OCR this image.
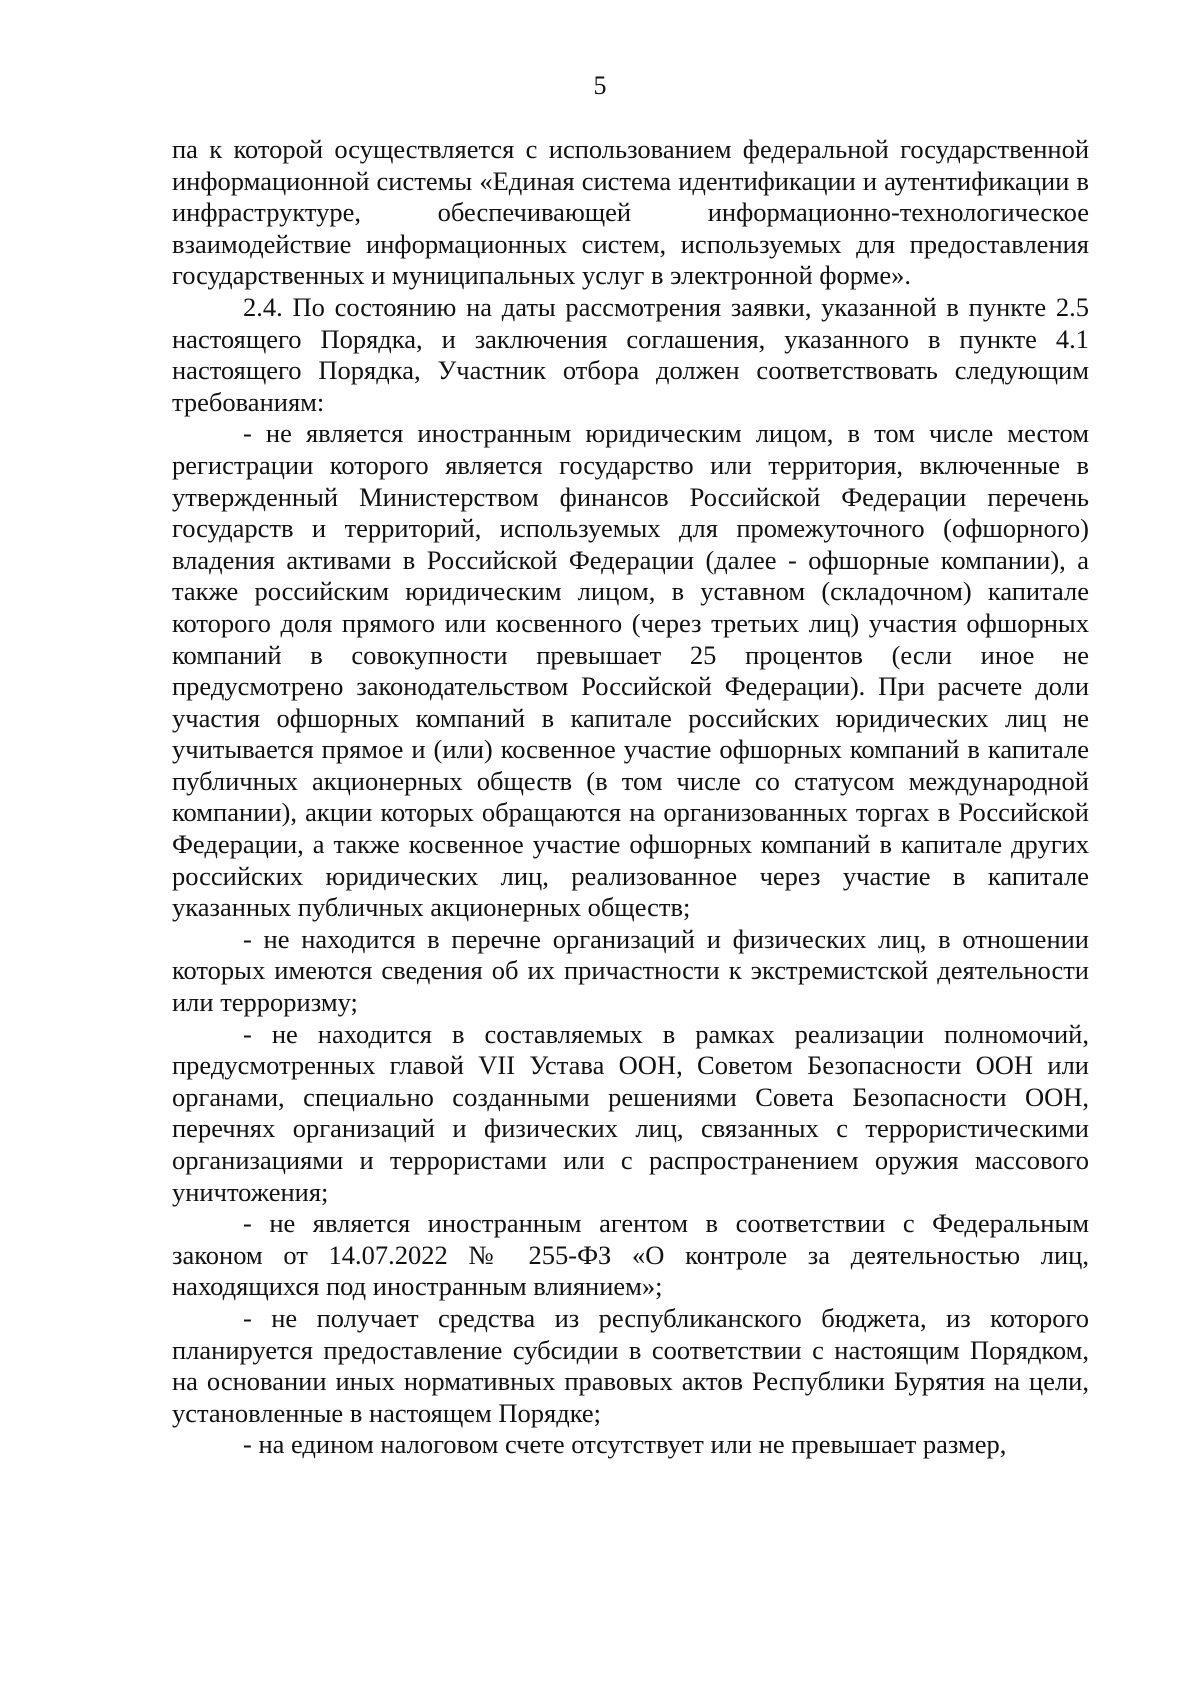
5

па к которой осуществляется с использованием федеральной государственной информационной системы «Единая система идентификации и аутентификации в инфраструктуре, обеспечивающей информационно-технологическое взаимодействие информационных систем, используемых для предоставления государственных и муниципальных услуг в электронной форме».

2.4. По состоянию на даты рассмотрения заявки, указанной в пункте 2.5 настоящего Порядка, и заключения соглашения, указанного в пункте 4.1 настоящего Порядка, Участник отбора должен соответствовать следующим требованиям:

- не является иностранным юридическим лицом, в том числе местом регистрации которого является государство или территория, включенные в утвержденный Министерством финансов Российской Федерации перечень государств и территорий, используемых для промежуточного (офшорного) владения активами в Российской Федерации (далее - офшорные компании), а также российским юридическим лицом, в уставном (складочном) капитале которого доля прямого или косвенного (через третьих лиц) участия офшорных компаний в совокупности превышает 25 процентов (если иное не предусмотрено законодательством Российской Федерации). При расчете доли участия офшорных компаний в капитале российских юридических лиц не учитывается прямое и (или) косвенное участие офшорных компаний в капитале публичных акционерных обществ (в том числе со статусом международной компании), акции которых обращаются на организованных торгах в Российской Федерации, а также косвенное участие офшорных компаний в капитале других российских юридических лиц, реализованное через участие в капитале указанных публичных акционерных обществ;

- не находится в перечне организаций и физических лиц, в отношении которых имеются сведения об их причастности к экстремистской деятельности или терроризму;

- не находится в составляемых в рамках реализации полномочий, предусмотренных главой VII Устава ООН, Советом Безопасности ООН или органами, специально созданными решениями Совета Безопасности ООН, перечнях организаций и физических лиц, связанных с террористическими организациями и террористами или с распространением оружия массового уничтожения;

- не является иностранным агентом в соответствии с Федеральным законом от 14.07.2022 № 255-ФЗ «О контроле за деятельностью лиц, находящихся под иностранным влиянием»;

- не получает средства из республиканского бюджета, из которого планируется предоставление субсидии в соответствии с настоящим Порядком, на основании иных нормативных правовых актов Республики Бурятия на цели, установленные в настоящем Порядке;

- на едином налоговом счете отсутствует или не превышает размер,
